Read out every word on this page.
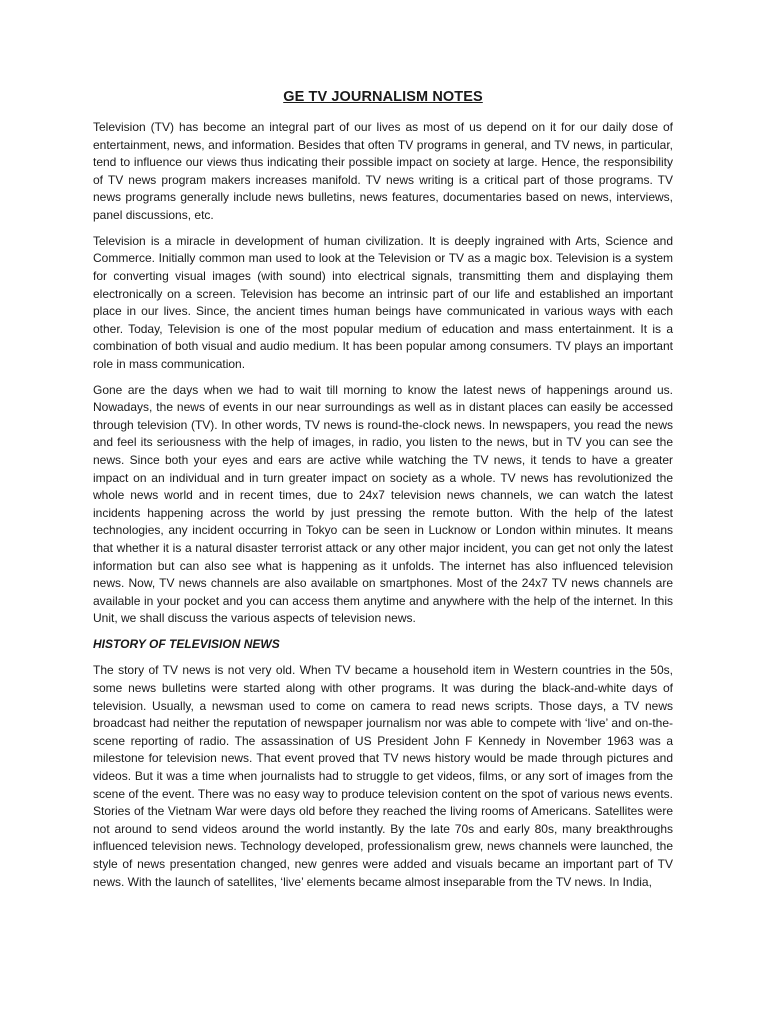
GE TV JOURNALISM NOTES

Television (TV) has become an integral part of our lives as most of us depend on it for our daily dose of entertainment, news, and information. Besides that often TV programs in general, and TV news, in particular, tend to influence our views thus indicating their possible impact on society at large. Hence, the responsibility of TV news program makers increases manifold. TV news writing is a critical part of those programs. TV news programs generally include news bulletins, news features, documentaries based on news, interviews, panel discussions, etc.

Television is a miracle in development of human civilization. It is deeply ingrained with Arts, Science and Commerce. Initially common man used to look at the Television or TV as a magic box. Television is a system for converting visual images (with sound) into electrical signals, transmitting them and displaying them electronically on a screen. Television has become an intrinsic part of our life and established an important place in our lives. Since, the ancient times human beings have communicated in various ways with each other. Today, Television is one of the most popular medium of education and mass entertainment. It is a combination of both visual and audio medium. It has been popular among consumers. TV plays an important role in mass communication.

Gone are the days when we had to wait till morning to know the latest news of happenings around us. Nowadays, the news of events in our near surroundings as well as in distant places can easily be accessed through television (TV). In other words, TV news is round-the-clock news. In newspapers, you read the news and feel its seriousness with the help of images, in radio, you listen to the news, but in TV you can see the news. Since both your eyes and ears are active while watching the TV news, it tends to have a greater impact on an individual and in turn greater impact on society as a whole. TV news has revolutionized the whole news world and in recent times, due to 24x7 television news channels, we can watch the latest incidents happening across the world by just pressing the remote button. With the help of the latest technologies, any incident occurring in Tokyo can be seen in Lucknow or London within minutes. It means that whether it is a natural disaster terrorist attack or any other major incident, you can get not only the latest information but can also see what is happening as it unfolds. The internet has also influenced television news. Now, TV news channels are also available on smartphones. Most of the 24x7 TV news channels are available in your pocket and you can access them anytime and anywhere with the help of the internet. In this Unit, we shall discuss the various aspects of television news.

HISTORY OF TELEVISION NEWS

The story of TV news is not very old. When TV became a household item in Western countries in the 50s, some news bulletins were started along with other programs. It was during the black-and-white days of television. Usually, a newsman used to come on camera to read news scripts. Those days, a TV news broadcast had neither the reputation of newspaper journalism nor was able to compete with ‘live’ and on-the-scene reporting of radio. The assassination of US President John F Kennedy in November 1963 was a milestone for television news. That event proved that TV news history would be made through pictures and videos. But it was a time when journalists had to struggle to get videos, films, or any sort of images from the scene of the event. There was no easy way to produce television content on the spot of various news events. Stories of the Vietnam War were days old before they reached the living rooms of Americans. Satellites were not around to send videos around the world instantly. By the late 70s and early 80s, many breakthroughs influenced television news. Technology developed, professionalism grew, news channels were launched, the style of news presentation changed, new genres were added and visuals became an important part of TV news. With the launch of satellites, ‘live’ elements became almost inseparable from the TV news. In India,
